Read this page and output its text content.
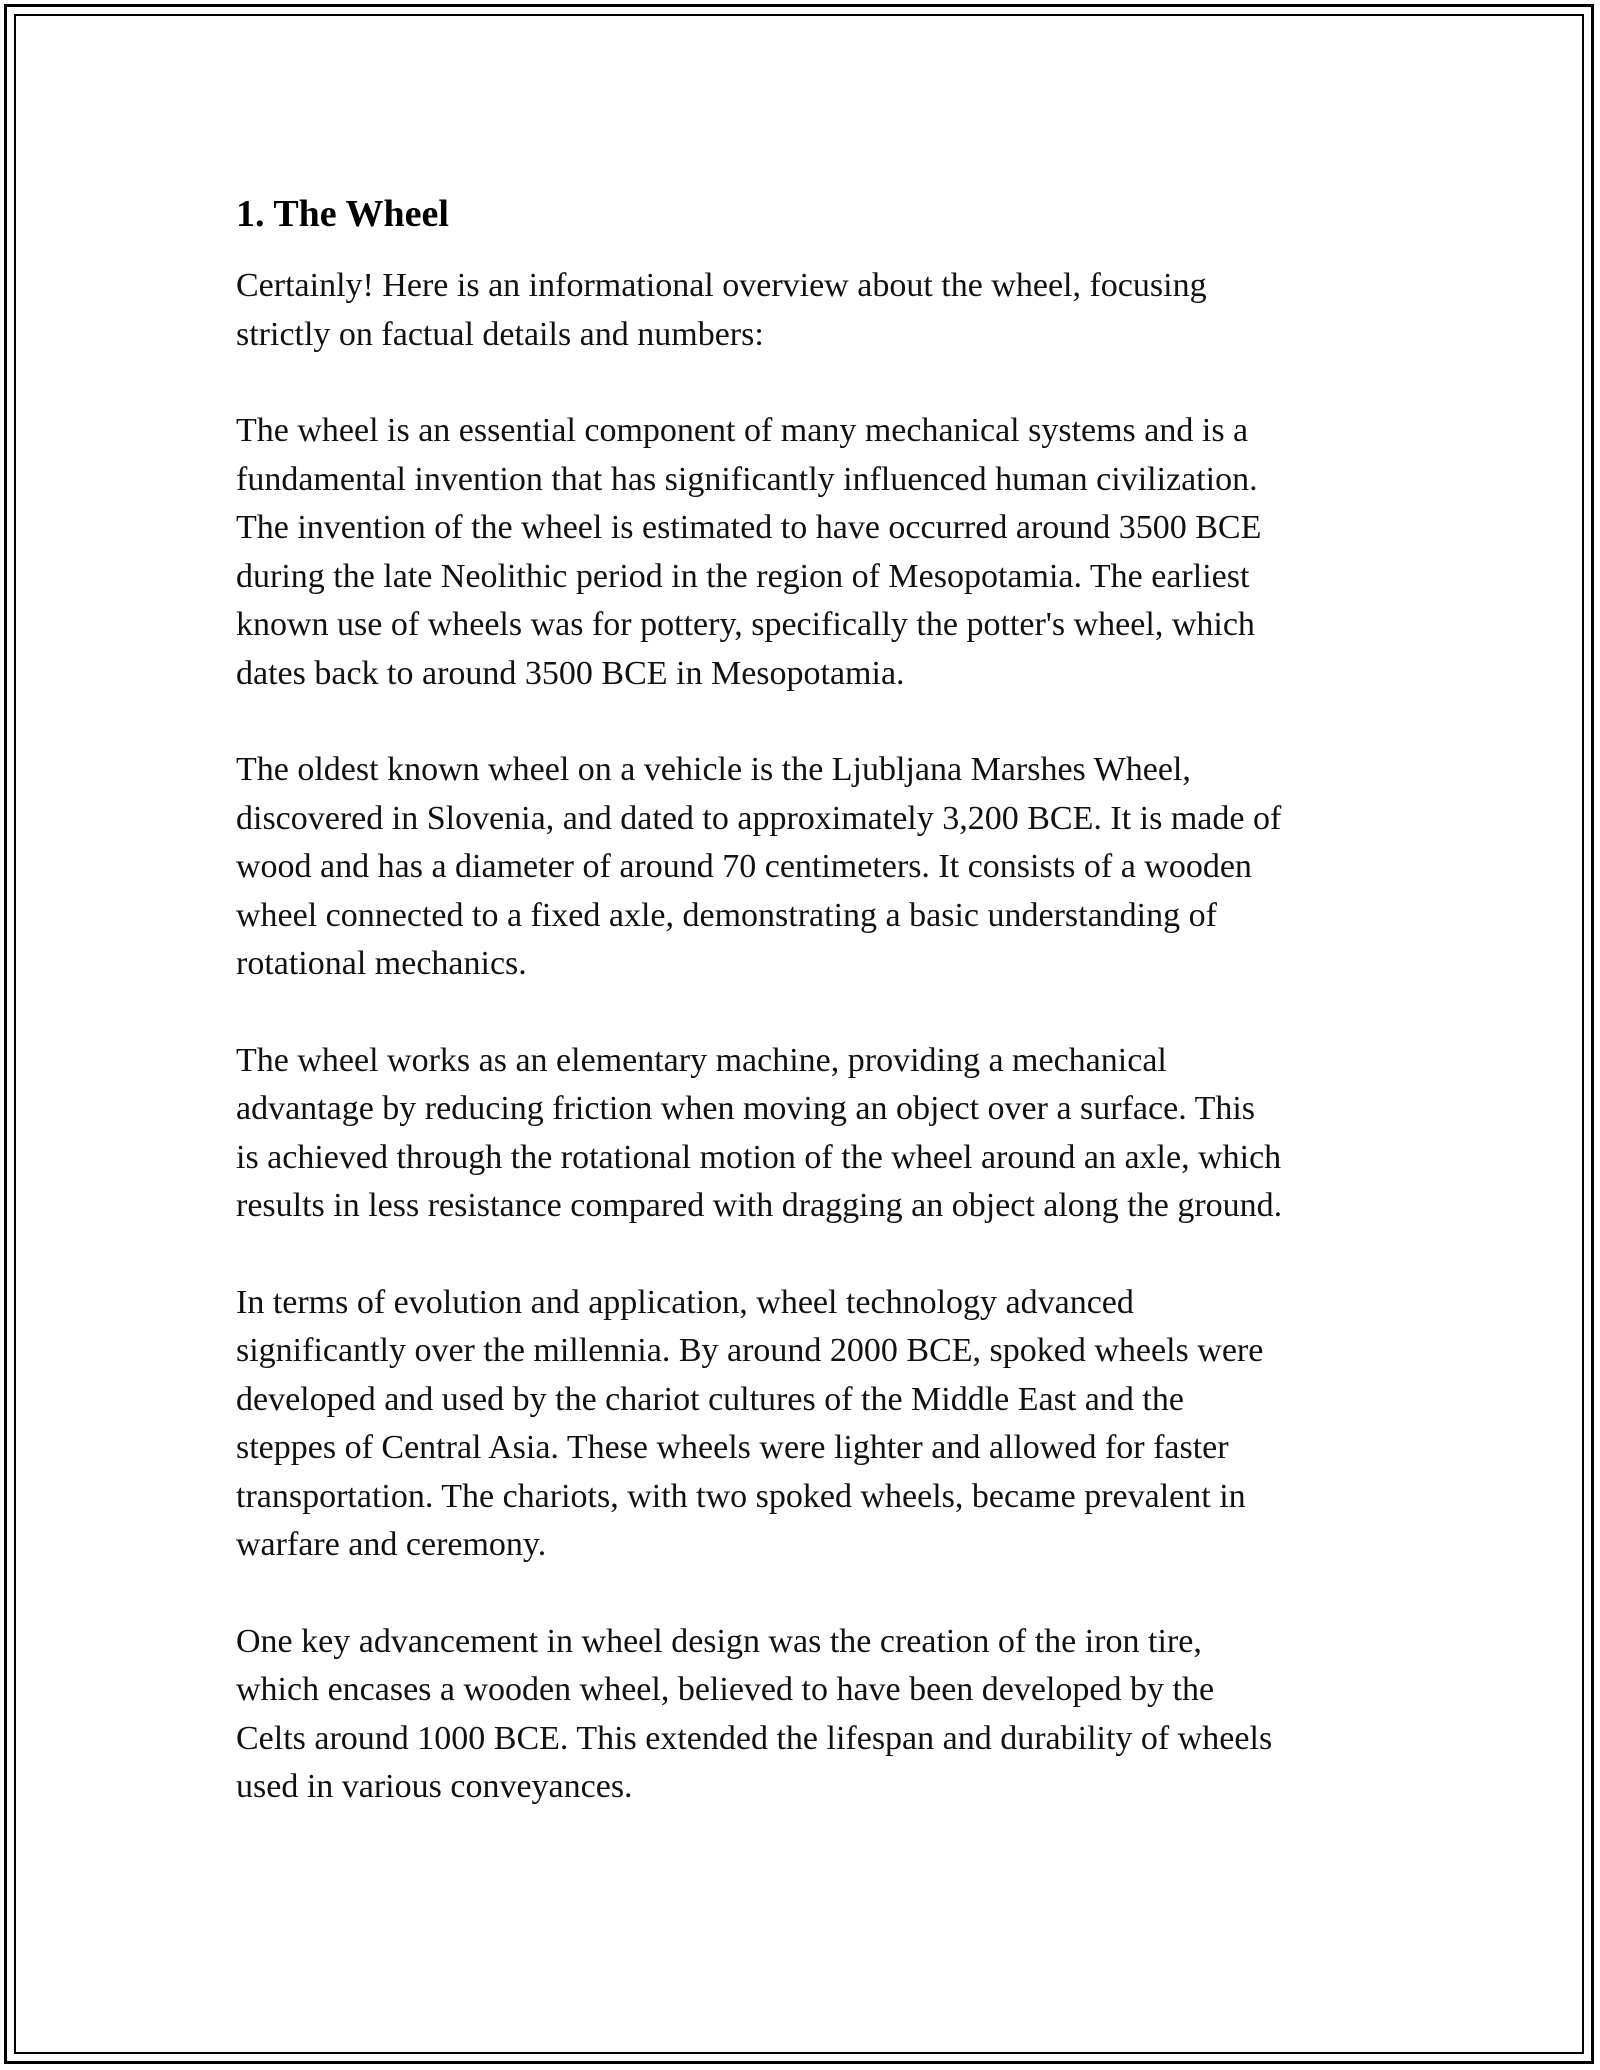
1. The Wheel

Certainly! Here is an informational overview about the wheel, focusing
strictly on factual details and numbers:

The wheel is an essential component of many mechanical systems and is a
fundamental invention that has significantly influenced human civilization.
The invention of the wheel is estimated to have occurred around 3500 BCE
during the late Neolithic period in the region of Mesopotamia. The earliest
known use of wheels was for pottery, specifically the potter's wheel, which
dates back to around 3500 BCE in Mesopotamia.

The oldest known wheel on a vehicle is the Ljubljana Marshes Wheel,
discovered in Slovenia, and dated to approximately 3,200 BCE. It is made of
wood and has a diameter of around 70 centimeters. It consists of a wooden
wheel connected to a fixed axle, demonstrating a basic understanding of
rotational mechanics.

The wheel works as an elementary machine, providing a mechanical
advantage by reducing friction when moving an object over a surface. This
is achieved through the rotational motion of the wheel around an axle, which
results in less resistance compared with dragging an object along the ground.

In terms of evolution and application, wheel technology advanced
significantly over the millennia. By around 2000 BCE, spoked wheels were
developed and used by the chariot cultures of the Middle East and the
steppes of Central Asia. These wheels were lighter and allowed for faster
transportation. The chariots, with two spoked wheels, became prevalent in
warfare and ceremony.

One key advancement in wheel design was the creation of the iron tire,
which encases a wooden wheel, believed to have been developed by the
Celts around 1000 BCE. This extended the lifespan and durability of wheels
used in various conveyances.
